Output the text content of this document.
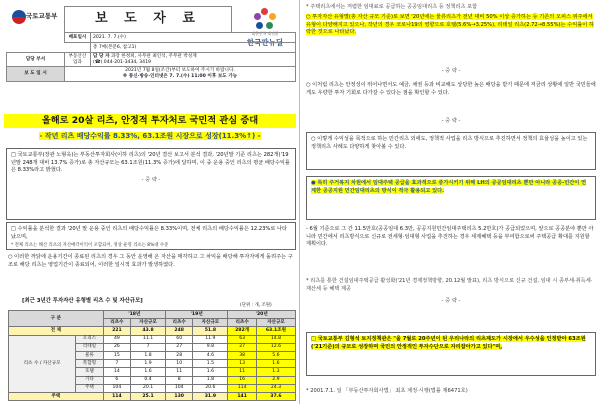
국토교통부	보 도 자 료
대한민국 대전환
한국판뉴딜
	배포일시	2021. 7. 7.(수)
		총 7매(본문6, 참고1)
담당 부서	부동산산업과	담 당 자 과장 한정희, 사무관 최인석, 주무관 박성재
(☎) 044-201-3434, 3419
보 도 일 시	2021년 7월 8일(조간)부터 보도하여 주시기 바랍니다.
※ 통신·방송·인터넷은 7. 7.(수) 11:00 이후 보도 가능	
올해로 20살 리츠, 안정적 투자처로 국민적 관심 증대
- 작년 리츠 배당수익률 8.33%, 63.1조원 시장으로 성장(11.3%↑) -
□ 국토교통부(장관 노형욱)는 부동산투자회사(이하 리츠)의 '20년 결산 보고서 분석 결과, '20년말 기준 리츠는 282개('19년말 248개 대비 13.7% 증가)로 총 자산규모는 63.1조원(11.3% 증가)에 달하며, 이 중 운용 중인 리츠의 평균 배당수익률은 8.33%라고 밝혔다.
- 중 략 -
□ 수익률을 분석한 결과 '20년 말 운용 중인 리츠의 배당수익률은 8.33%이며, 전체 리츠의 배당수익률은 12.23%로 나타났으며,
* 전체 리츠는 해산 리츠의 자산매각이익이 포함되어, 정상 운영 리츠는 8%대 수준
○ 이러한 까닭에 운용기간이 종료된 리츠의 경우 그 동안 운영해 온 자산을 매각하고 그 차익을 배당해 투자자에게 돌려주는 구조로 해당 리츠는 영업기간이 종료되어, 이러한 일시적 효과가 발생하였다.
[최근 3년간 투자자산 유형별 리츠 수 및 자산규모]
(단위 : 개, 조원)
구 분		'18년		'19년		'20년	
		리츠수	자산규모	리츠수	자산규모	리츠수	자산규모
전 체		221	43.8	248	51.8	282개	63.1조원
리츠 수 / 자산규모	오피스	49	11.1	60	11.9	63	14.8
	리테일	26	7	27	9.8	27	12.6
	물류	15	1.8	28	4.6	38	5.6
	복합형	7	1.9	10	1.5	13	1.6
	호텔	14	1.6	11	1.6	11	1.3
	기타	6	0.4	8	1.8	16	2.9
	주택	104	20.1	104	20.6	114	24.3
주택		114	25.1	130	31.9	141	37.6
* 주택리츠에서는 저렴한 임대료로 공급하는 공공임대리츠 등 정책리츠 포함
○ 투자자산 유형별(총 자산 규모 기준)로 보면 '20년에는 물류리츠가 전년 대비 50% 이상 증가하는 등 기존의 오피스 위주에서 유형이 다양해지고 있으나, 작년의 경우 코로나19의 영향으로 호텔(5.6%→3.25%), 리테일 리츠(2.72→8.55%)는 수익률이 하락한 것으로 나타났다.
- 중 략 -
○ 이처럼 리츠는 안정성이 뛰어나면서도 예금, 채권 등과 비교해도 상당한 높은 배당을 받기 때문에 저금리 상황에 일반 국민들에게도 우량한 투자 기회로 다가갈 수 있다는 점을 확인할 수 있다.
- 중 략 -
○ 이렇게 수익성을 목적으로 하는 민간리츠 외에도, 정책적 사업을 리츠 방식으로 추진하면서 정책의 효율성을 높이고 있는 정책리츠 사례도 다양하게 찾아볼 수 있다.
● 특히 주거복지 차원에서 임대주택 공급을 효과적으로 증가시키기 위해 LH의 공공임대리츠 뿐만 아니라 공공-민간이 연계한 공공지원 민간임대리츠의 방식이 적극 활용되고 있다.
- 6월 기준으로 그 간 11.5만호(공공임대 6.3만, 공공지원민간임대주택리츠 5.2만호)가 공급되었으며, 앞으로 공공분야 뿐만 아니라 민간에서 리츠방식으로 신규로 전세형·임대형 사업을 추진하는 경우 세제혜택 등을 부여함으로써 주택공급 확대를 지원할 계획이다.
* 리츠를 통한 건설임대주택공급 활성화('21년 경제정책방향, 20.12월 발표), 리츠 방식으로 신규 건설, 임대 시 종부세·취득세·재산세 등 혜택 제공
- 중 략 -
□ 국토교통부 김형석 토지정책관은 "올 7월로 20주년이 된 우리나라의 리츠제도가 시장에서 우수성을 인정받아 63조원('21기준)의 규모로 성장하며 국민의 안정적인 투자수단으로 자리잡아가고 있다"며,
* 2001.7.1. 일 「부동산투자회사법」 최초 제정·시행(법률 제6471호)
